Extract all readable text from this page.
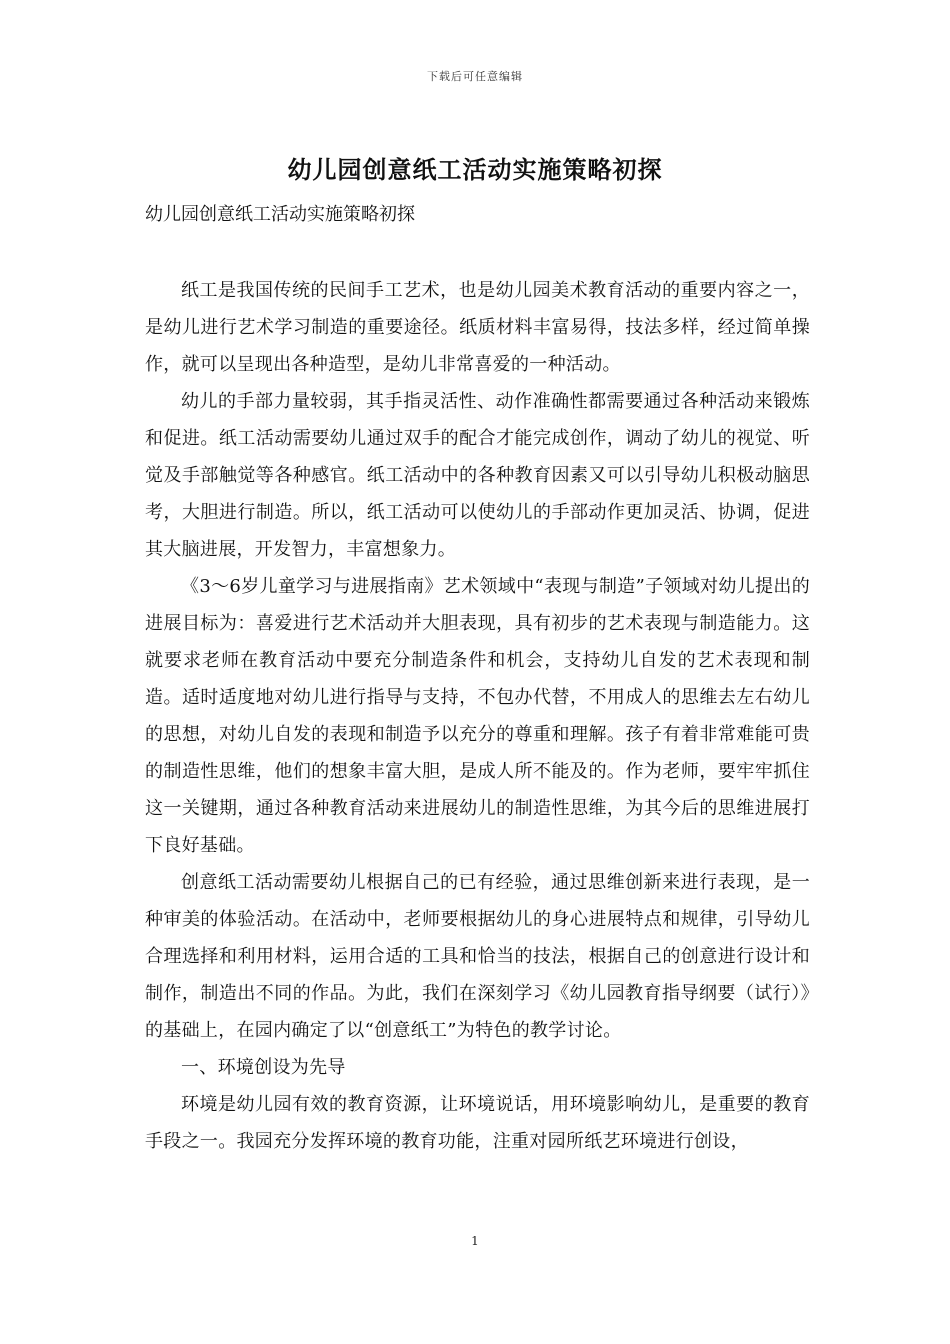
下载后可任意编辑
幼儿园创意纸工活动实施策略初探
幼儿园创意纸工活动实施策略初探

纸工是我国传统的民间手工艺术，也是幼儿园美术教育活动的重要内容之一，是幼儿进行艺术学习制造的重要途径。纸质材料丰富易得，技法多样，经过简单操作，就可以呈现出各种造型，是幼儿非常喜爱的一种活动。

幼儿的手部力量较弱，其手指灵活性、动作准确性都需要通过各种活动来锻炼和促进。纸工活动需要幼儿通过双手的配合才能完成创作，调动了幼儿的视觉、听觉及手部触觉等各种感官。纸工活动中的各种教育因素又可以引导幼儿积极动脑思考，大胆进行制造。所以，纸工活动可以使幼儿的手部动作更加灵活、协调，促进其大脑进展，开发智力，丰富想象力。

《3～6岁儿童学习与进展指南》艺术领域中“表现与制造”子领域对幼儿提出的进展目标为：喜爱进行艺术活动并大胆表现，具有初步的艺术表现与制造能力。这就要求老师在教育活动中要充分制造条件和机会，支持幼儿自发的艺术表现和制造。适时适度地对幼儿进行指导与支持，不包办代替，不用成人的思维去左右幼儿的思想，对幼儿自发的表现和制造予以充分的尊重和理解。孩子有着非常难能可贵的制造性思维，他们的想象丰富大胆，是成人所不能及的。作为老师，要牢牢抓住这一关键期，通过各种教育活动来进展幼儿的制造性思维，为其今后的思维进展打下良好基础。

创意纸工活动需要幼儿根据自己的已有经验，通过思维创新来进行表现，是一种审美的体验活动。在活动中，老师要根据幼儿的身心进展特点和规律，引导幼儿合理选择和利用材料，运用合适的工具和恰当的技法，根据自己的创意进行设计和制作，制造出不同的作品。为此，我们在深刻学习《幼儿园教育指导纲要（试行）》的基础上，在园内确定了以“创意纸工”为特色的教学讨论。

一、环境创设为先导

环境是幼儿园有效的教育资源，让环境说话，用环境影响幼儿，是重要的教育手段之一。我园充分发挥环境的教育功能，注重对园所纸艺环境进行创设，

1
